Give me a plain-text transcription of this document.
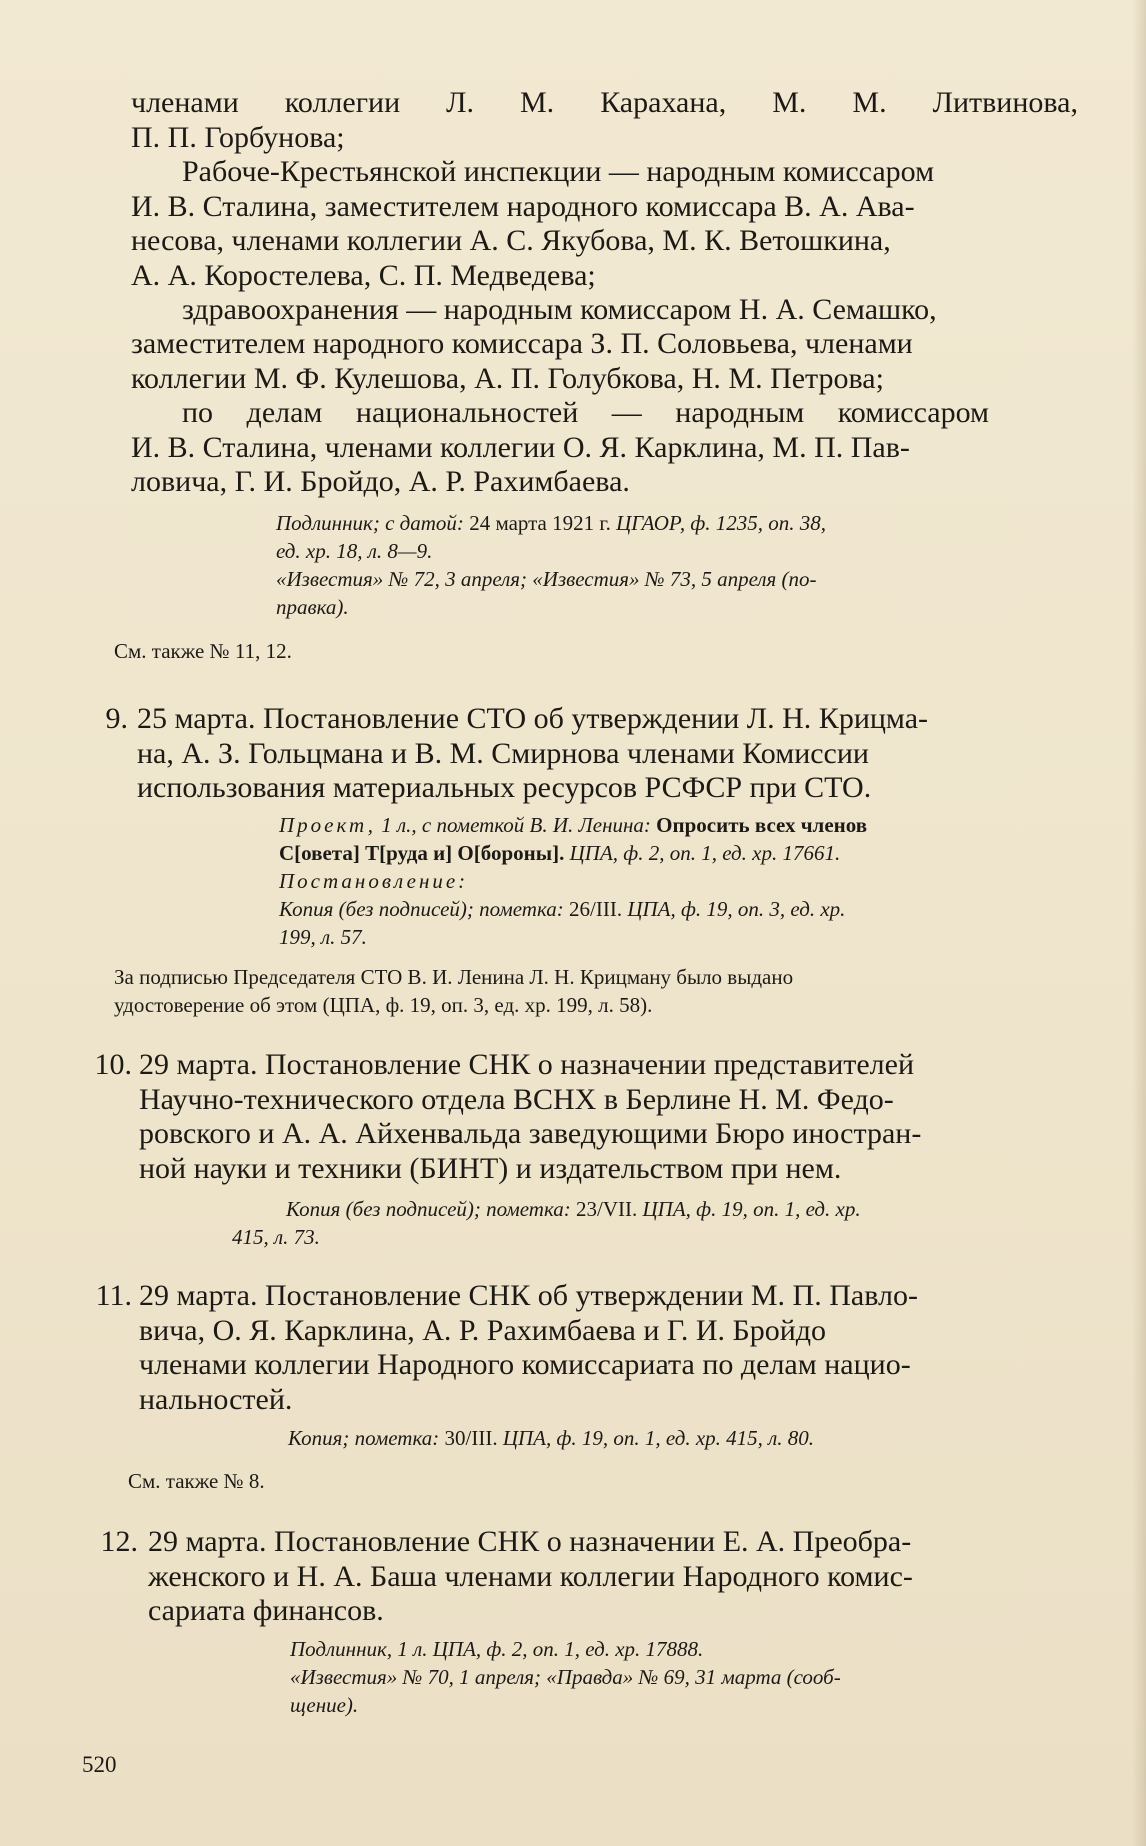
членами коллегии Л. М. Карахана, М. М. Литвинова,
П. П. Горбунова;
Рабоче-Крестьянской инспекции — народным комиссаром
И. В. Сталина, заместителем народного комиссара В. А. Ава-
несова, членами коллегии А. С. Якубова, М. К. Ветошкина,
А. А. Коростелева, С. П. Медведева;
здравоохранения — народным комиссаром Н. А. Семашко,
заместителем народного комиссара З. П. Соловьева, членами
коллегии М. Ф. Кулешова, А. П. Голубкова, Н. М. Петрова;
по делам национальностей — народным комиссаром
И. В. Сталина, членами коллегии О. Я. Карклина, М. П. Пав-
ловича, Г. И. Бройдо, А. Р. Рахимбаева.
Подлинник; с датой: 24 марта 1921 г. ЦГАОР, ф. 1235, оп. 38,
ед. хр. 18, л. 8—9.
«Известия» № 72, 3 апреля; «Известия» № 73, 5 апреля (по-
правка).
См. также № 11, 12.
9. 25 марта. Постановление СТО об утверждении Л. Н. Крицма-
на, А. З. Гольцмана и В. М. Смирнова членами Комиссии
использования материальных ресурсов РСФСР при СТО.
Проект, 1 л., с пометкой В. И. Ленина: Опросить всех членов
С[овета] Т[руда и] О[бороны]. ЦПА, ф. 2, оп. 1, ед. хр. 17661.
Постановление:
Копия (без подписей); пометка: 26/III. ЦПА, ф. 19, оп. 3, ед. хр.
199, л. 57.
За подписью Председателя СТО В. И. Ленина Л. Н. Крицману было выдано
удостоверение об этом (ЦПА, ф. 19, оп. 3, ед. хр. 199, л. 58).
10. 29 марта. Постановление СНК о назначении представителей
Научно-технического отдела ВСНХ в Берлине Н. М. Федо-
ровского и А. А. Айхенвальда заведующими Бюро иностран-
ной науки и техники (БИНТ) и издательством при нем.
Копия (без подписей); пометка: 23/VII. ЦПА, ф. 19, оп. 1, ед. хр.
415, л. 73.
11. 29 марта. Постановление СНК об утверждении М. П. Павло-
вича, О. Я. Карклина, А. Р. Рахимбаева и Г. И. Бройдо
членами коллегии Народного комиссариата по делам нацио-
нальностей.
Копия; пометка: 30/III. ЦПА, ф. 19, оп. 1, ед. хр. 415, л. 80.
См. также № 8.
12. 29 марта. Постановление СНК о назначении Е. А. Преобра-
женского и Н. А. Баша членами коллегии Народного комис-
сариата финансов.
Подлинник, 1 л. ЦПА, ф. 2, оп. 1, ед. хр. 17888.
«Известия» № 70, 1 апреля; «Правда» № 69, 31 марта (сооб-
щение).
520
